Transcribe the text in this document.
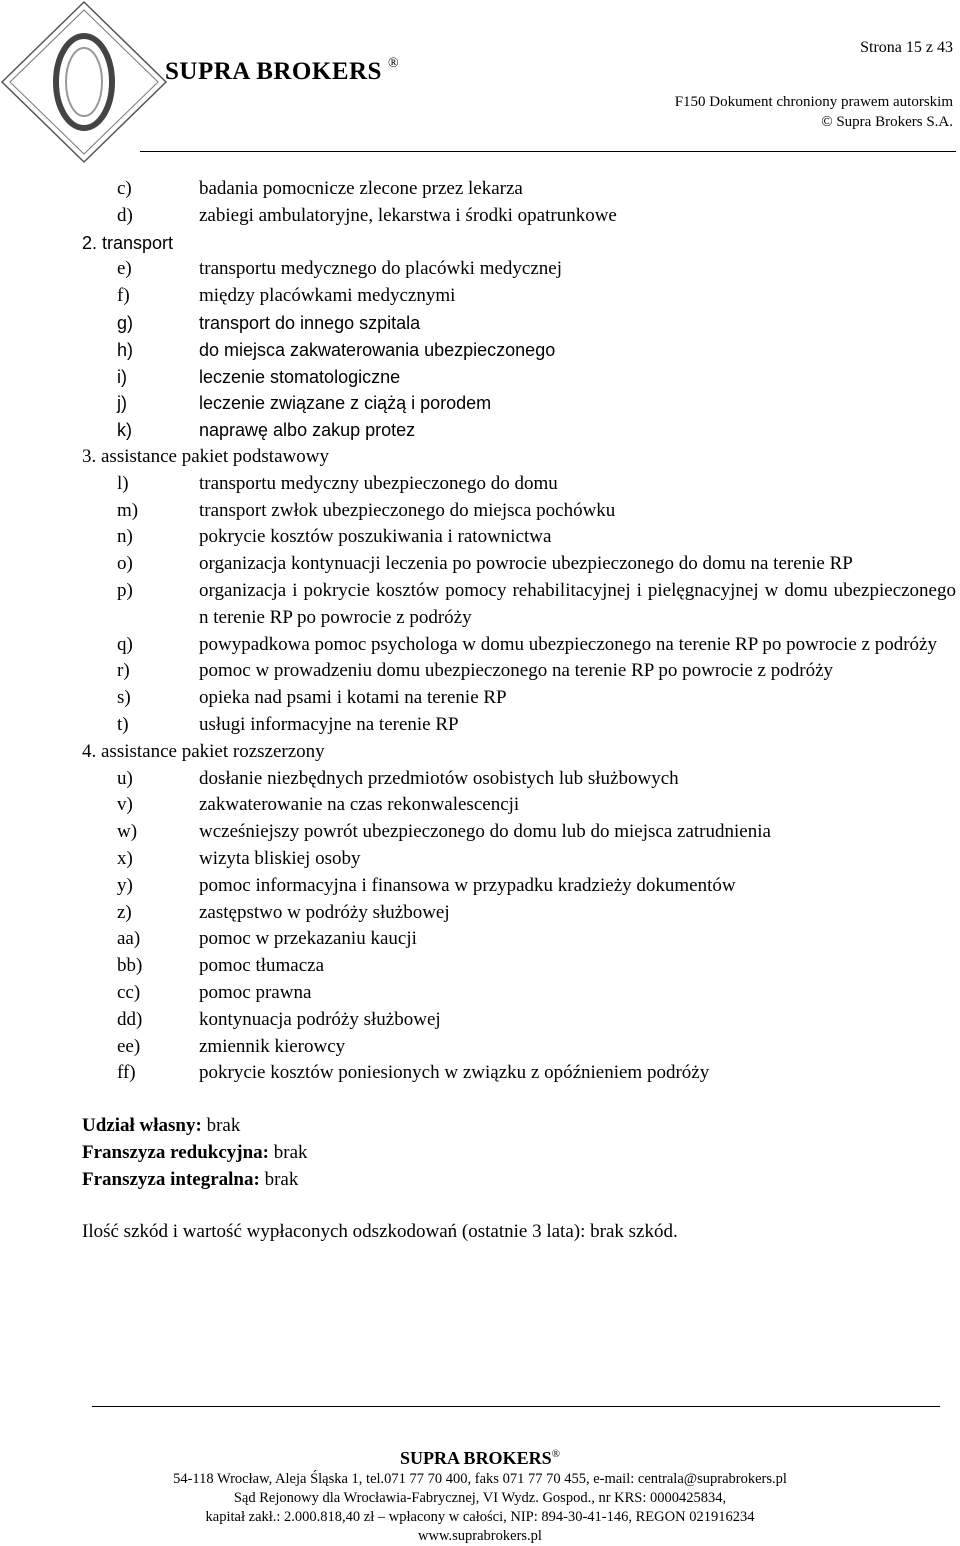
SUPRA BROKERS ®
Strona 15 z 43
F150 Dokument chroniony prawem autorskim
© Supra Brokers S.A.
c)	badania pomocnicze zlecone przez lekarza
d)	zabiegi ambulatoryjne, lekarstwa i środki opatrunkowe
2. transport
e)	transportu medycznego do placówki medycznej
f)	między placówkami medycznymi
g)	transport do innego szpitala
h)	do miejsca zakwaterowania ubezpieczonego
i)	leczenie stomatologiczne
j)	leczenie związane z ciążą i porodem
k)	naprawę albo zakup protez
3. assistance pakiet podstawowy
l)	transportu medyczny ubezpieczonego do domu
m)	transport zwłok ubezpieczonego do miejsca pochówku
n)	pokrycie kosztów poszukiwania i ratownictwa
o)	organizacja kontynuacji leczenia po powrocie ubezpieczonego do domu na terenie RP
p)	organizacja i pokrycie kosztów pomocy rehabilitacyjnej i pielęgnacyjnej w domu ubezpieczonego n terenie RP po powrocie z podróży
q)	powypadkowa pomoc psychologa w domu ubezpieczonego na terenie RP po powrocie z podróży
r)	pomoc w prowadzeniu domu ubezpieczonego na terenie RP po powrocie z podróży
s)	opieka nad psami i kotami na terenie RP
t)	usługi informacyjne na terenie RP
4. assistance pakiet rozszerzony
u)	dosłanie niezbędnych przedmiotów osobistych lub służbowych
v)	zakwaterowanie na czas rekonwalescencji
w)	wcześniejszy powrót ubezpieczonego do domu lub do miejsca zatrudnienia
x)	wizyta bliskiej osoby
y)	pomoc informacyjna i finansowa w przypadku kradzieży dokumentów
z)	zastępstwo w podróży służbowej
aa)	pomoc w przekazaniu kaucji
bb)	pomoc tłumacza
cc)	pomoc prawna
dd)	kontynuacja podróży służbowej
ee)	zmiennik kierowcy
ff)	pokrycie kosztów poniesionych w związku z opóźnieniem podróży
Udział własny: brak
Franszyza redukcyjna: brak
Franszyza integralna: brak
Ilość szkód i wartość wypłaconych odszkodowań (ostatnie 3 lata): brak szkód.
SUPRA BROKERS®
54-118 Wrocław, Aleja Śląska 1, tel.071 77 70 400, faks 071 77 70 455, e-mail: centrala@suprabrokers.pl
Sąd Rejonowy dla Wrocławia-Fabrycznej, VI Wydz. Gospod., nr KRS: 0000425834,
kapitał zakł.: 2.000.818,40 zł – wpłacony w całości, NIP: 894-30-41-146, REGON 021916234
www.suprabrokers.pl
